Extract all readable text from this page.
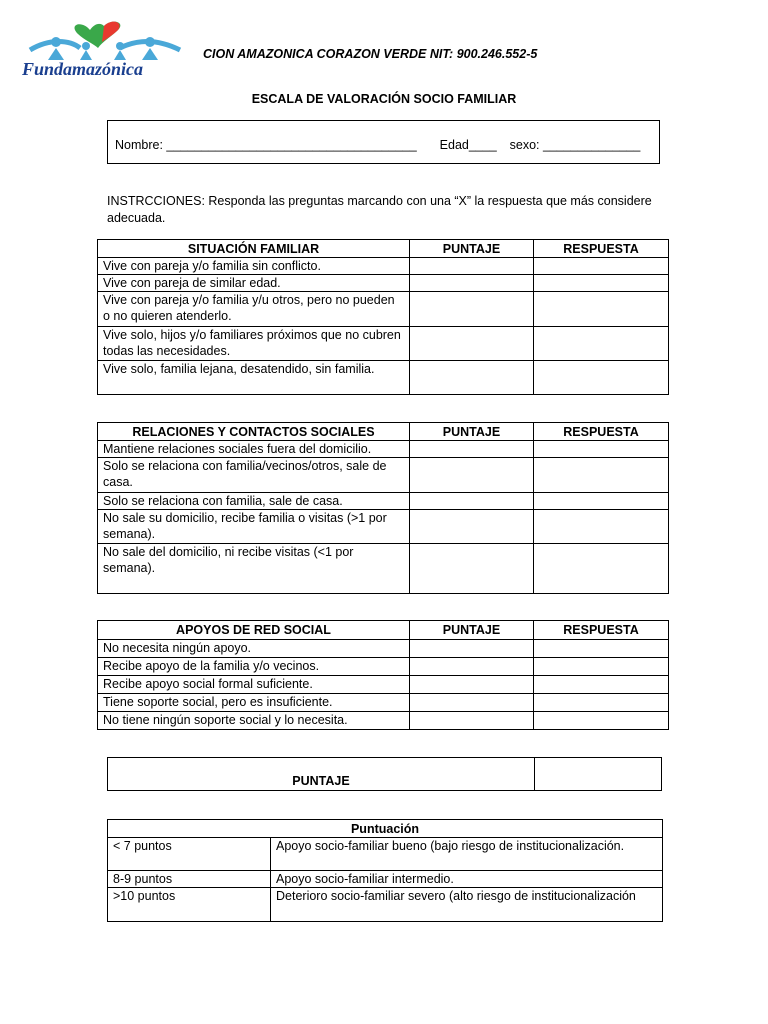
Fundamazónica
CION AMAZONICA CORAZON VERDE NIT: 900.246.552-5
ESCALA DE VALORACIÓN SOCIO FAMILIAR
Nombre: ____________________________________ Edad____ sexo: ______________
INSTRCCIONES: Responda las preguntas marcando con una “X” la respuesta que más considere adecuada.
SITUACIÓN FAMILIAR	PUNTAJE	RESPUESTA
Vive con pareja y/o familia sin conflicto.		
Vive con pareja de similar edad.		
Vive con pareja y/o familia y/u otros, pero no pueden o no quieren atenderlo.		
Vive solo, hijos y/o familiares próximos que no cubren todas las necesidades.		
Vive solo, familia lejana, desatendido, sin familia.		
RELACIONES Y CONTACTOS SOCIALES	PUNTAJE	RESPUESTA
Mantiene relaciones sociales fuera del domicilio.		
Solo se relaciona con familia/vecinos/otros, sale de casa.		
Solo se relaciona con familia, sale de casa.		
No sale su domicilio, recibe familia o visitas (>1 por semana).		
No sale del domicilio, ni recibe visitas (<1 por semana).		
APOYOS DE RED SOCIAL	PUNTAJE	RESPUESTA
No necesita ningún apoyo.		
Recibe apoyo de la familia y/o vecinos.		
Recibe apoyo social formal suficiente.		
Tiene soporte social, pero es insuficiente.		
No tiene ningún soporte social y lo necesita.		
PUNTAJE
Puntuación	
< 7 puntos	Apoyo socio-familiar bueno (bajo riesgo de institucionalización.
8-9 puntos	Apoyo socio-familiar intermedio.
>10 puntos	Deterioro socio-familiar severo (alto riesgo de institucionalización
